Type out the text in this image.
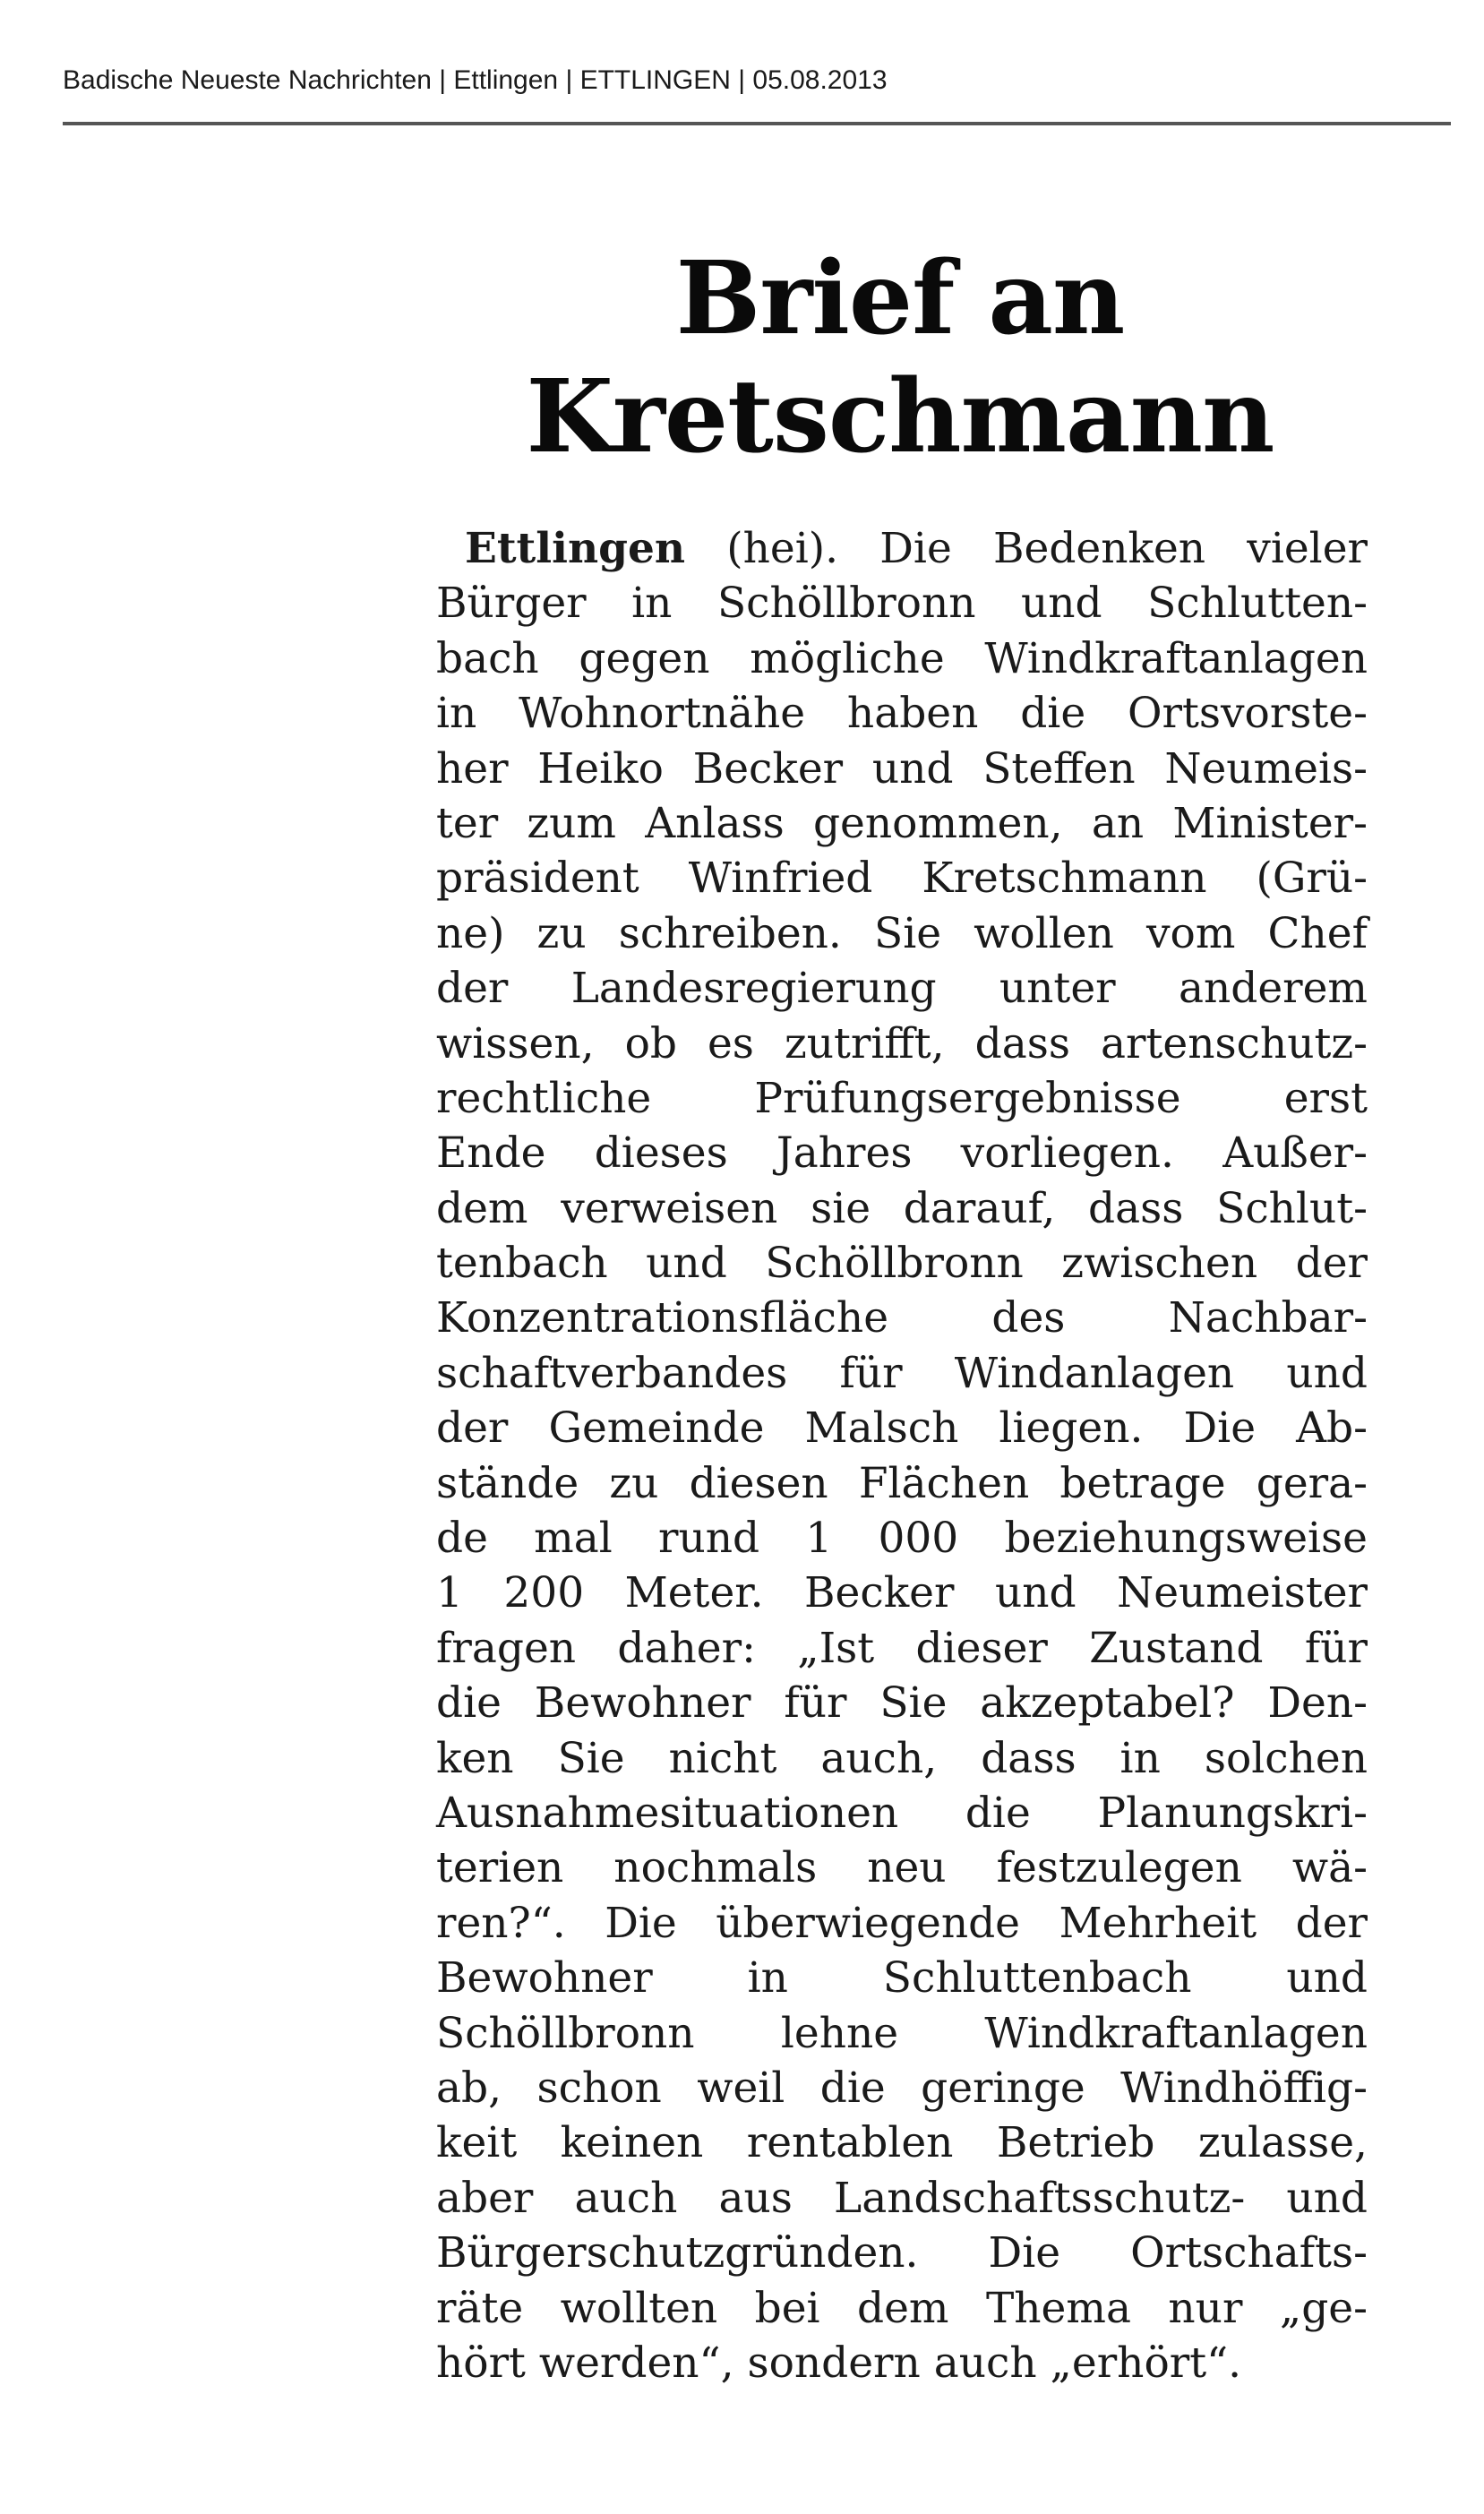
Badische Neueste Nachrichten | Ettlingen | ETTLINGEN | 05.08.2013
Brief an
Kretschmann
Ettlingen (hei). Die Bedenken vieler
Bürger in Schöllbronn und Schlutten-
bach gegen mögliche Windkraftanlagen
in Wohnortnähe haben die Ortsvorste-
her Heiko Becker und Steffen Neumeis-
ter zum Anlass genommen, an Minister-
präsident Winfried Kretschmann (Grü-
ne) zu schreiben. Sie wollen vom Chef
der Landesregierung unter anderem
wissen, ob es zutrifft, dass artenschutz-
rechtliche Prüfungsergebnisse erst
Ende dieses Jahres vorliegen. Außer-
dem verweisen sie darauf, dass Schlut-
tenbach und Schöllbronn zwischen der
Konzentrationsfläche des Nachbar-
schaftverbandes für Windanlagen und
der Gemeinde Malsch liegen. Die Ab-
stände zu diesen Flächen betrage gera-
de mal rund 1 000 beziehungsweise
1 200 Meter. Becker und Neumeister
fragen daher: „Ist dieser Zustand für
die Bewohner für Sie akzeptabel? Den-
ken Sie nicht auch, dass in solchen
Ausnahmesituationen die Planungskri-
terien nochmals neu festzulegen wä-
ren?“. Die überwiegende Mehrheit der
Bewohner in Schluttenbach und
Schöllbronn lehne Windkraftanlagen
ab, schon weil die geringe Windhöffig-
keit keinen rentablen Betrieb zulasse,
aber auch aus Landschaftsschutz- und
Bürgerschutzgründen. Die Ortschafts-
räte wollten bei dem Thema nur „ge-
hört werden“, sondern auch „erhört“.
